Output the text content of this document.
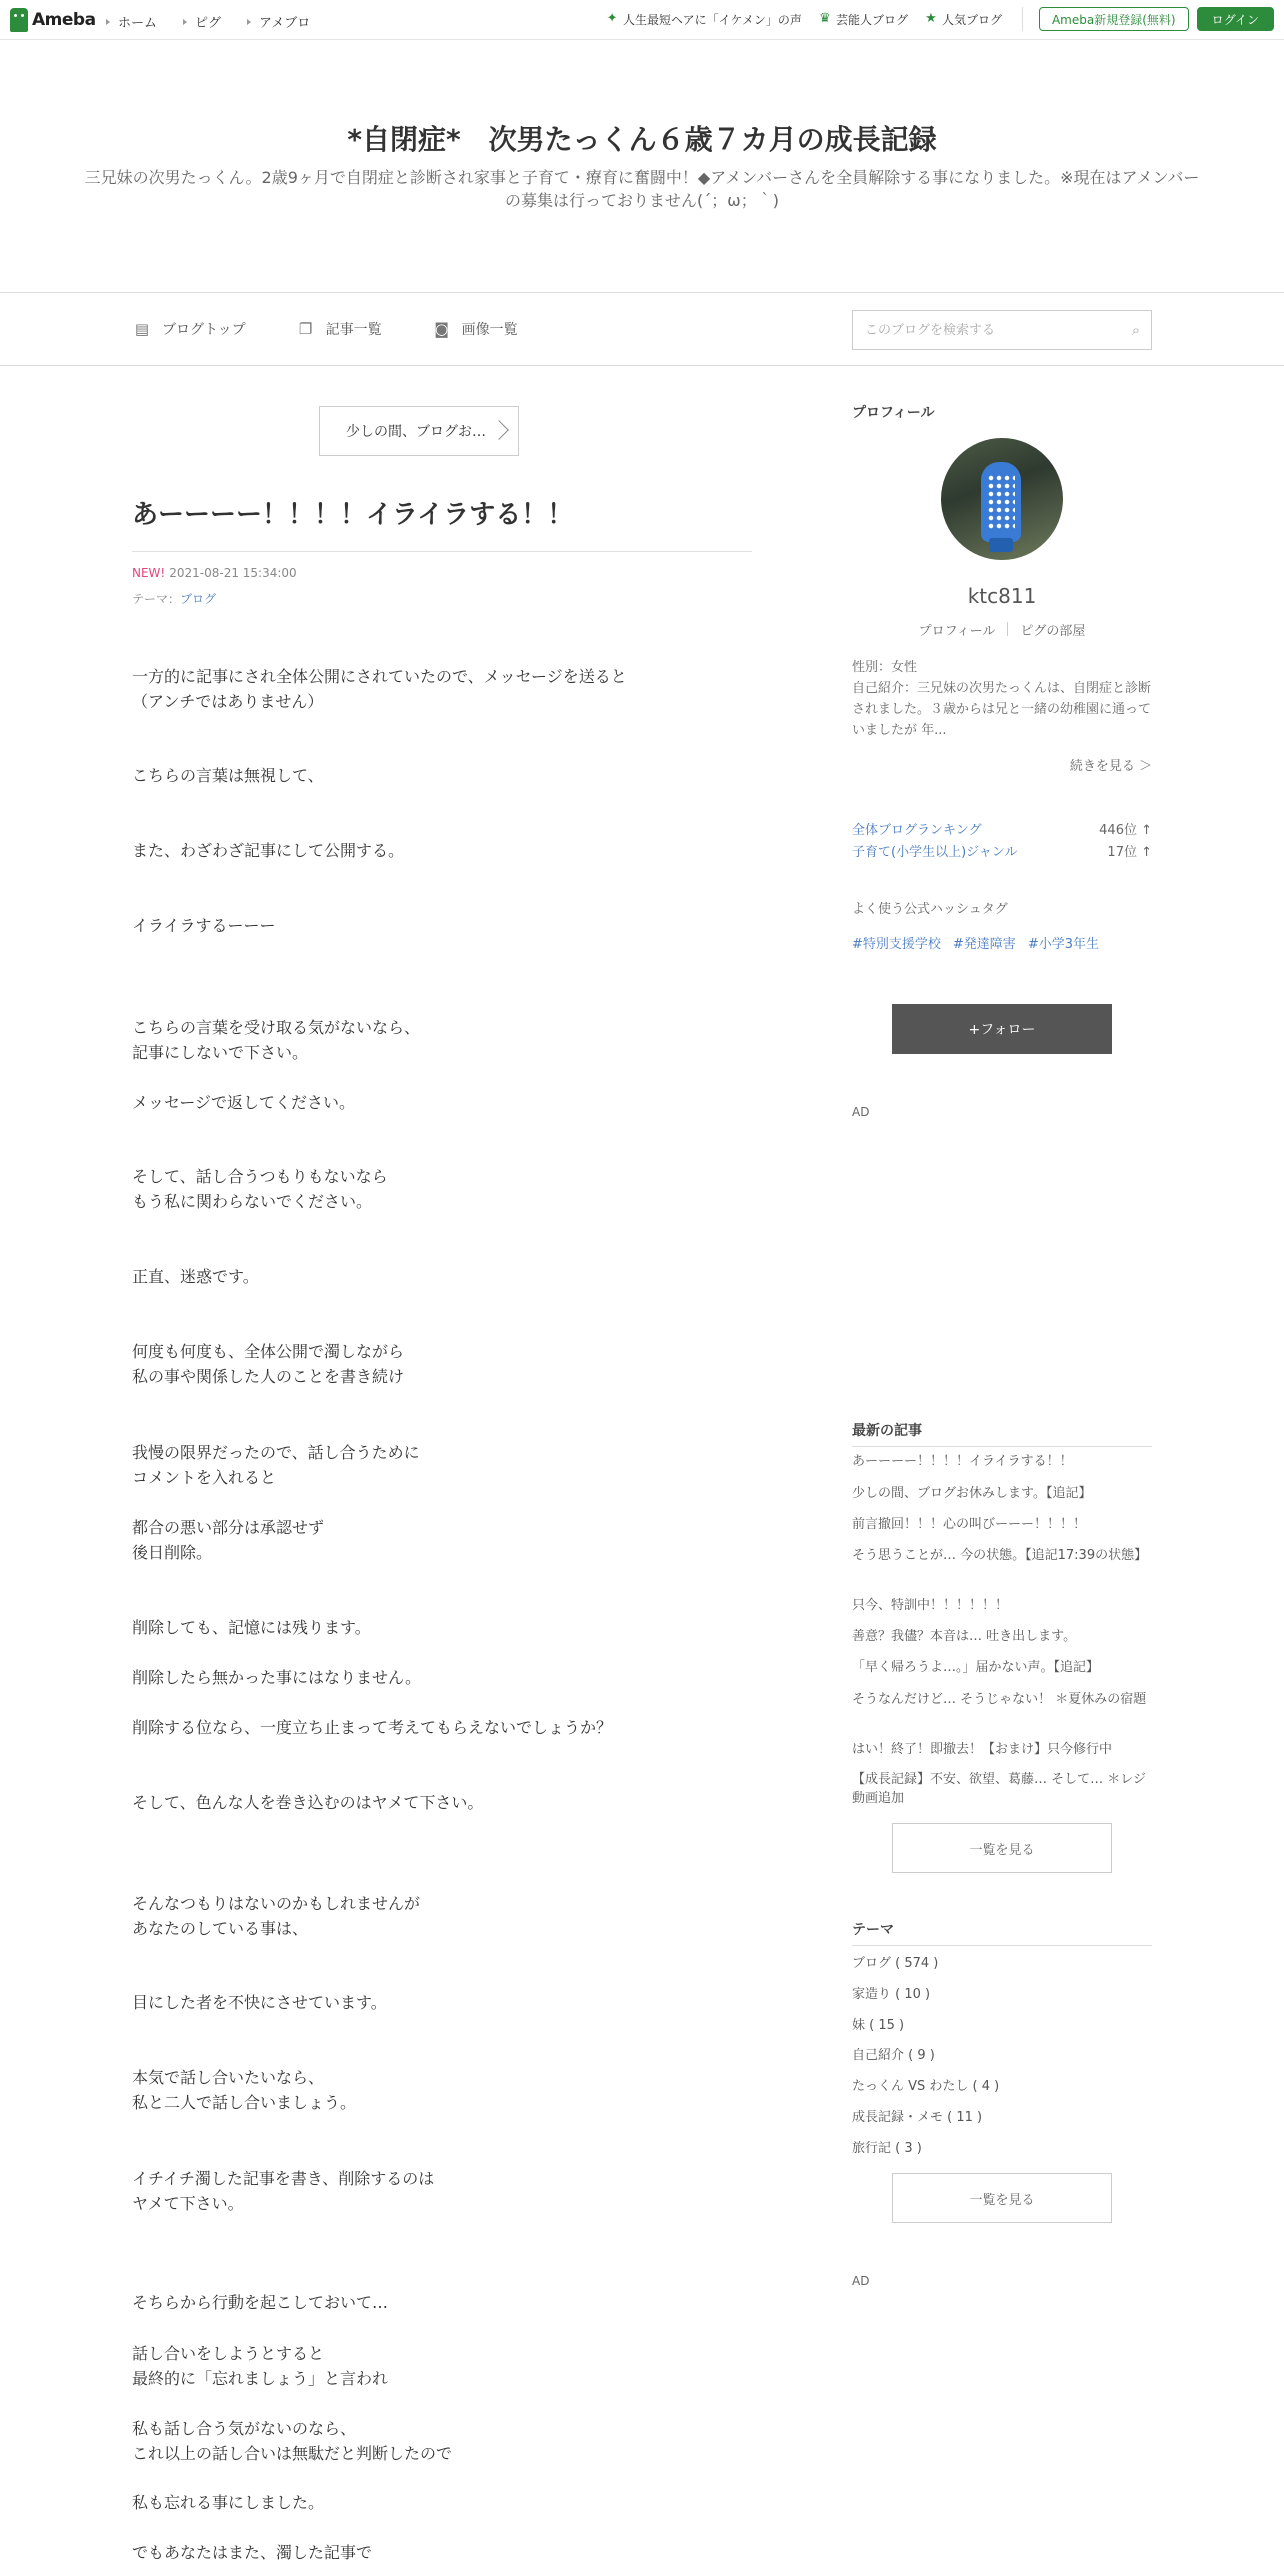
Ameba ホーム	ピグ	アメブロ	✦ 人生最短ヘアに「イケメン」の声 ♛ 芸能人ブログ ★ 人気ブログ	Ameba新規登録(無料)	ログイン
*自閉症*　次男たっくん６歳７カ月の成長記録

三兄妹の次男たっくん。2歳9ヶ月で自閉症と診断され家事と子育て・療育に奮闘中！◆アメンバーさんを全員解除する事になりました。※現在はアメンバーの募集は行っておりません(´；ω；｀)

▤ ブログトップ	❐ 記事一覧	◙ 画像一覧
このブログを検索する	⌕
少しの間、ブログお…
あーーーー！！！！イライラする！！
NEW! 2021-08-21 15:34:00
テーマ：ブログ
一方的に記事にされ全体公開にされていたので、メッセージを送ると
（アンチではありません）
こちらの言葉は無視して、
また、わざわざ記事にして公開する。
イライラするーーー
こちらの言葉を受け取る気がないなら、
記事にしないで下さい。
メッセージで返してください。
そして、話し合うつもりもないなら
もう私に関わらないでください。
正直、迷惑です。
何度も何度も、全体公開で濁しながら
私の事や関係した人のことを書き続け
我慢の限界だったので、話し合うために
コメントを入れると
都合の悪い部分は承認せず
後日削除。
削除しても、記憶には残ります。
削除したら無かった事にはなりません。
削除する位なら、一度立ち止まって考えてもらえないでしょうか？
そして、色んな人を巻き込むのはヤメて下さい。
そんなつもりはないのかもしれませんが
あなたのしている事は、
目にした者を不快にさせています。
本気で話し合いたいなら、
私と二人で話し合いましょう。
イチイチ濁した記事を書き、削除するのは
ヤメて下さい。
そちらから行動を起こしておいて…
話し合いをしようとすると
最終的に「忘れましょう」と言われ
私も話し合う気がないのなら、
これ以上の話し合いは無駄だと判断したので
私も忘れる事にしました。
でもあなたはまた、濁した記事で
プロフィール
ktc811
プロフィール ピグの部屋
性別：女性
自己紹介：三兄妹の次男たっくんは、自閉症と診断されました。３歳からは兄と一緒の幼稚園に通っていましたが 年...
続きを見る ＞
全体ブログランキング	446位 ↑
子育て(小学生以上)ジャンル	17位 ↑
よく使う公式ハッシュタグ
#特別支援学校 #発達障害 #小学3年生
+フォロー
AD
最新の記事
あーーーー！！！！イライラする！！
少しの間、ブログお休みします。【追記】
前言撤回！！！心の叫びーーー！！！！
そう思うことが… 今の状態。【追記17:39の状態】
只今、特訓中！！！！！！
善意？我儘？本音は… 吐き出します。
「早く帰ろうよ…。」届かない声。【追記】
そうなんだけど… そうじゃない！ ＊夏休みの宿題
はい！終了！即撤去！【おまけ】只今修行中
【成長記録】不安、欲望、葛藤… そして… ＊レジ動画追加
一覧を見る
テーマ
ブログ ( 574 )
家造り ( 10 )
妹 ( 15 )
自己紹介 ( 9 )
たっくん VS わたし ( 4 )
成長記録・メモ ( 11 )
旅行記 ( 3 )
一覧を見る
AD
